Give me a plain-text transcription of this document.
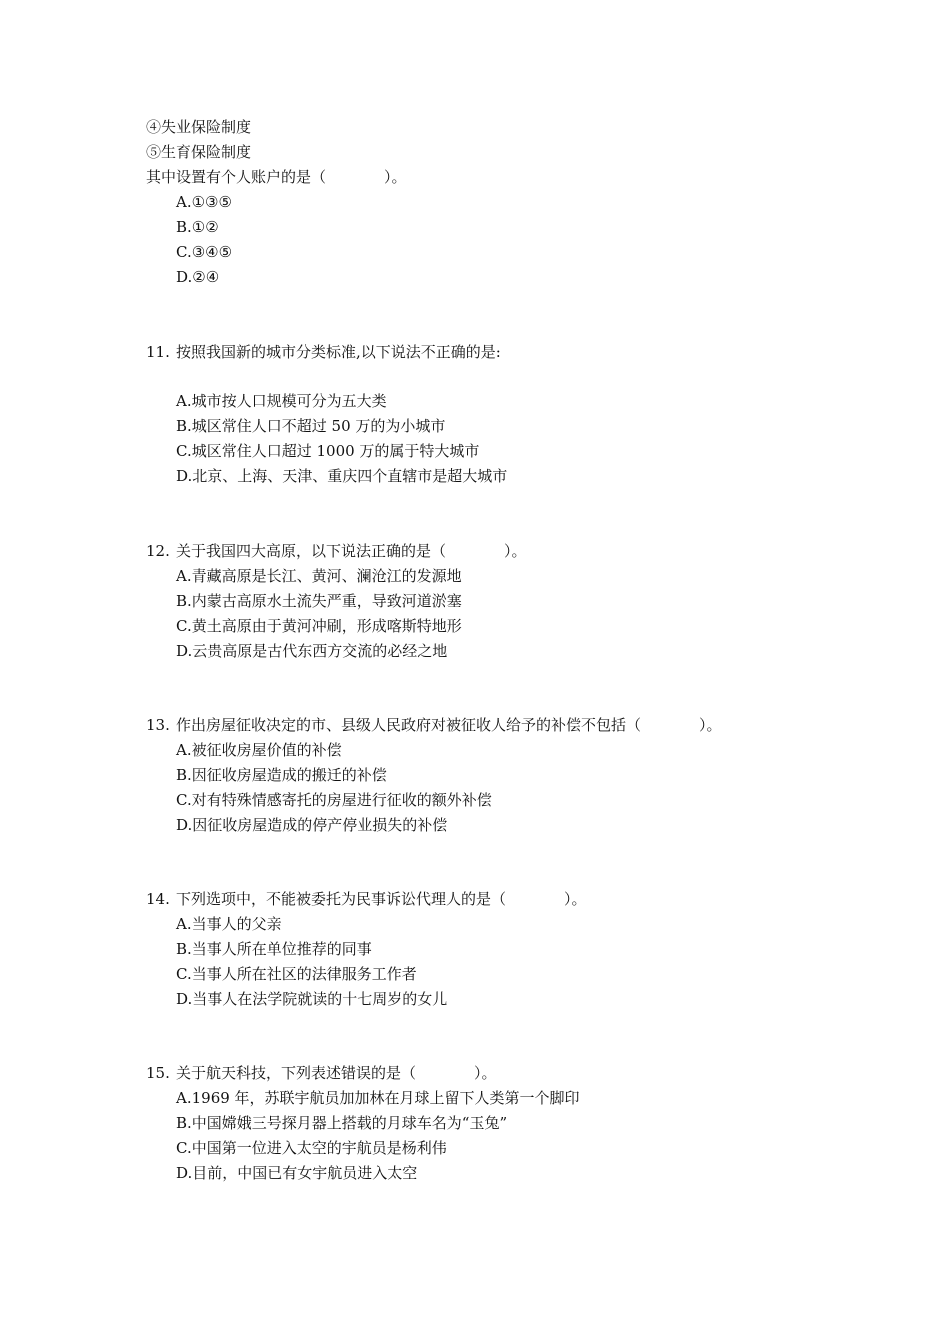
④失业保险制度
⑤生育保险制度
其中设置有个人账户的是（	）。
A.①③⑤
B.①②
C.③④⑤
D.②④
11. 按照我国新的城市分类标准,以下说法不正确的是:
A.城市按人口规模可分为五大类
B.城区常住人口不超过 50 万的为小城市
C.城区常住人口超过 1000 万的属于特大城市
D.北京、上海、天津、重庆四个直辖市是超大城市
12. 关于我国四大高原，以下说法正确的是（	）。
A.青藏高原是长江、黄河、澜沧江的发源地
B.内蒙古高原水土流失严重，导致河道淤塞
C.黄土高原由于黄河冲刷，形成喀斯特地形
D.云贵高原是古代东西方交流的必经之地
13. 作出房屋征收决定的市、县级人民政府对被征收人给予的补偿不包括（	）。
A.被征收房屋价值的补偿
B.因征收房屋造成的搬迁的补偿
C.对有特殊情感寄托的房屋进行征收的额外补偿
D.因征收房屋造成的停产停业损失的补偿
14. 下列选项中，不能被委托为民事诉讼代理人的是（	）。
A.当事人的父亲
B.当事人所在单位推荐的同事
C.当事人所在社区的法律服务工作者
D.当事人在法学院就读的十七周岁的女儿
15. 关于航天科技，下列表述错误的是（	）。
A.1969 年，苏联宇航员加加林在月球上留下人类第一个脚印
B.中国嫦娥三号探月器上搭载的月球车名为“玉兔”
C.中国第一位进入太空的宇航员是杨利伟
D.目前，中国已有女宇航员进入太空
